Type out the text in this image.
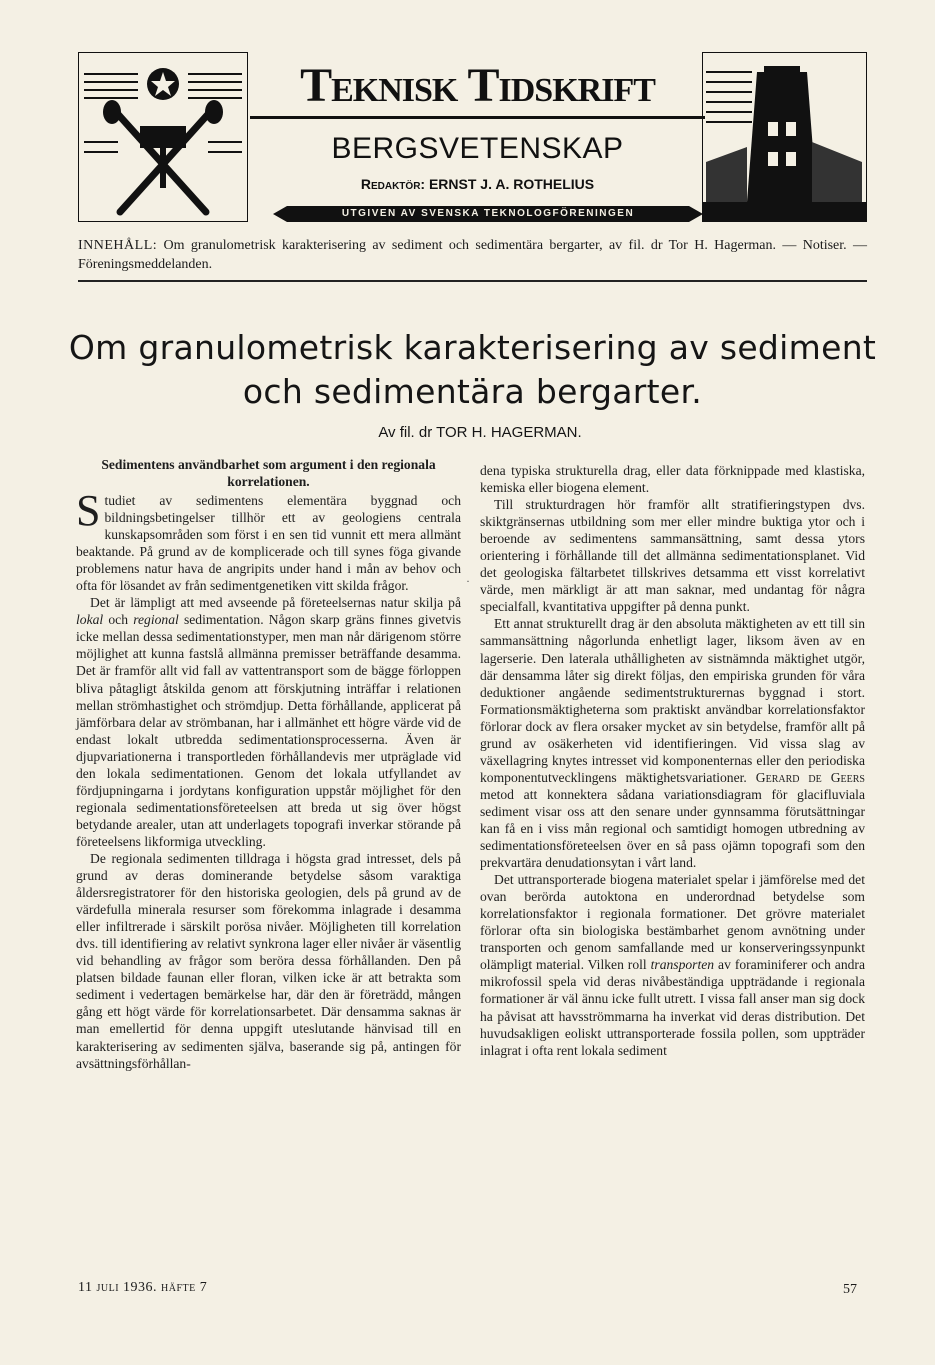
Teknisk Tidskrift
BERGSVETENSKAP
Redaktör: ERNST J. A. ROTHELIUS
UTGIVEN AV SVENSKA TEKNOLOGFÖRENINGEN
INNEHÅLL: Om granulometrisk karakterisering av sediment och sedimentära bergarter, av fil. dr Tor H. Hagerman. — Notiser. — Föreningsmeddelanden.
Om granulometrisk karakterisering av sediment och sedimentära bergarter.
Av fil. dr TOR H. HAGERMAN.
Sedimentens användbarhet som argument i den regionala korrelationen.

Studiet av sedimentens elementära byggnad och bildningsbetingelser tillhör ett av geologiens centrala kunskapsområden som först i en sen tid vunnit ett mera allmänt beaktande. På grund av de komplicerade och till synes föga givande problemens natur hava de angripits under hand i mån av behov och ofta för lösandet av från sedimentgenetiken vitt skilda frågor.

Det är lämpligt att med avseende på företeelsernas natur skilja på lokal och regional sedimentation. Någon skarp gräns finnes givetvis icke mellan dessa sedimentationstyper, men man når därigenom större möjlighet att kunna fastslå allmänna premisser beträffande desamma. Det är framför allt vid fall av vattentransport som de bägge förloppen bliva påtagligt åtskilda genom att förskjutning inträffar i relationen mellan strömhastighet och strömdjup. Detta förhållande, applicerat på jämförbara delar av strömbanan, har i allmänhet ett högre värde vid de endast lokalt utbredda sedimentationsprocesserna. Även är djupvariationerna i transportleden förhållandevis mer utpräglade vid den lokala sedimentationen. Genom det lokala utfyllandet av fördjupningarna i jordytans konfiguration uppstår möjlighet för den regionala sedimentationsföreteelsen att breda ut sig över högst betydande arealer, utan att underlagets topografi inverkar störande på företeelsens likformiga utveckling.

De regionala sedimenten tilldraga i högsta grad intresset, dels på grund av deras dominerande betydelse såsom varaktiga åldersregistratorer för den historiska geologien, dels på grund av de värdefulla minerala resurser som förekomma inlagrade i desamma eller infiltrerade i särskilt porösa nivåer. Möjligheten till korrelation dvs. till identifiering av relativt synkrona lager eller nivåer är väsentlig vid behandling av frågor som beröra dessa förhållanden. Den på platsen bildade faunan eller floran, vilken icke är att betrakta som sediment i vedertagen bemärkelse har, där den är företrädd, mången gång ett högt värde för korrelationsarbetet. Där densamma saknas är man emellertid för denna uppgift uteslutande hänvisad till en karakterisering av sedimenten själva, baserande sig på, antingen för avsättningsförhållan-

·

dena typiska strukturella drag, eller data förknippade med klastiska, kemiska eller biogena element.

Till strukturdragen hör framför allt stratifieringstypen dvs. skiktgränsernas utbildning som mer eller mindre buktiga ytor och i beroende av sedimentens sammansättning, samt dessa ytors orientering i förhållande till det allmänna sedimentationsplanet. Vid det geologiska fältarbetet tillskrives detsamma ett visst korrelativt värde, men märkligt är att man saknar, med undantag för några specialfall, kvantitativa uppgifter på denna punkt.

Ett annat strukturellt drag är den absoluta mäktigheten av ett till sin sammansättning någorlunda enhetligt lager, liksom även av en lagerserie. Den laterala uthålligheten av sistnämnda mäktighet utgör, där densamma låter sig direkt följas, den empiriska grunden för våra deduktioner angående sedimentstrukturernas byggnad i stort. Formationsmäktigheterna som praktiskt användbar korrelationsfaktor förlorar dock av flera orsaker mycket av sin betydelse, framför allt på grund av osäkerheten vid identifieringen. Vid vissa slag av växellagring knytes intresset vid komponenternas eller den periodiska komponentutvecklingens mäktighetsvariationer. Gerard de Geers metod att konnektera sådana variationsdiagram för glacifluviala sediment visar oss att den senare under gynnsamma förutsättningar kan få en i viss mån regional och samtidigt homogen utbredning av sedimentationsföreteelsen över en så pass ojämn topografi som den prekvartära denudationsytan i vårt land.

Det uttransporterade biogena materialet spelar i jämförelse med det ovan berörda autoktona en underordnad betydelse som korrelationsfaktor i regionala formationer. Det grövre materialet förlorar ofta sin biologiska bestämbarhet genom avnötning under transporten och genom samfallande med ur konserveringssynpunkt olämpligt material. Vilken roll transporten av foraminiferer och andra mikrofossil spela vid deras nivåbeständiga uppträdande i regionala formationer är väl ännu icke fullt utrett. I vissa fall anser man sig dock ha påvisat att havsströmmarna ha inverkat vid deras distribution. Det huvudsakligen eoliskt uttransporterade fossila pollen, som uppträder inlagrat i ofta rent lokala sediment

11 juli 1936. häfte 7	57
